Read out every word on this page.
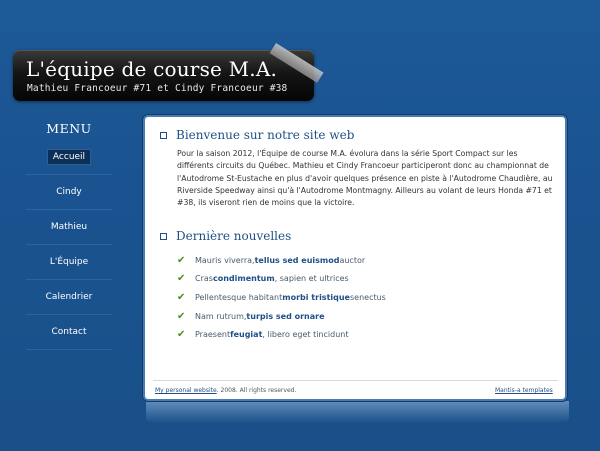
L'équipe de course M.A.
Mathieu Francoeur #71 et Cindy Francoeur #38
MENU
Accueil
Cindy
Mathieu
L'Équipe
Calendrier
Contact
Bienvenue sur notre site web

Pour la saison 2012, l'Équipe de course M.A. évolura dans la série Sport Compact sur les différents circuits du Québec. Mathieu et Cindy Francoeur participeront donc au championnat de l'Autodrome St-Eustache en plus d'avoir quelques présence en piste à l'Autodrome Chaudière, au Riverside Speedway ainsi qu'à l'Autodrome Montmagny. Ailleurs au volant de leurs Honda #71 et #38, ils viseront rien de moins que la victoire.

Dernière nouvelles
✔	Mauris viverra, tellus sed euismod auctor
✔	Cras condimentum , sapien et ultrices
✔	Pellentesque habitant morbi tristique senectus
✔	Nam rutrum, turpis sed ornare
✔	Praesent feugiat , libero eget tincidunt
My personal website. 2008. All rights reserved.	Mantis-a templates
